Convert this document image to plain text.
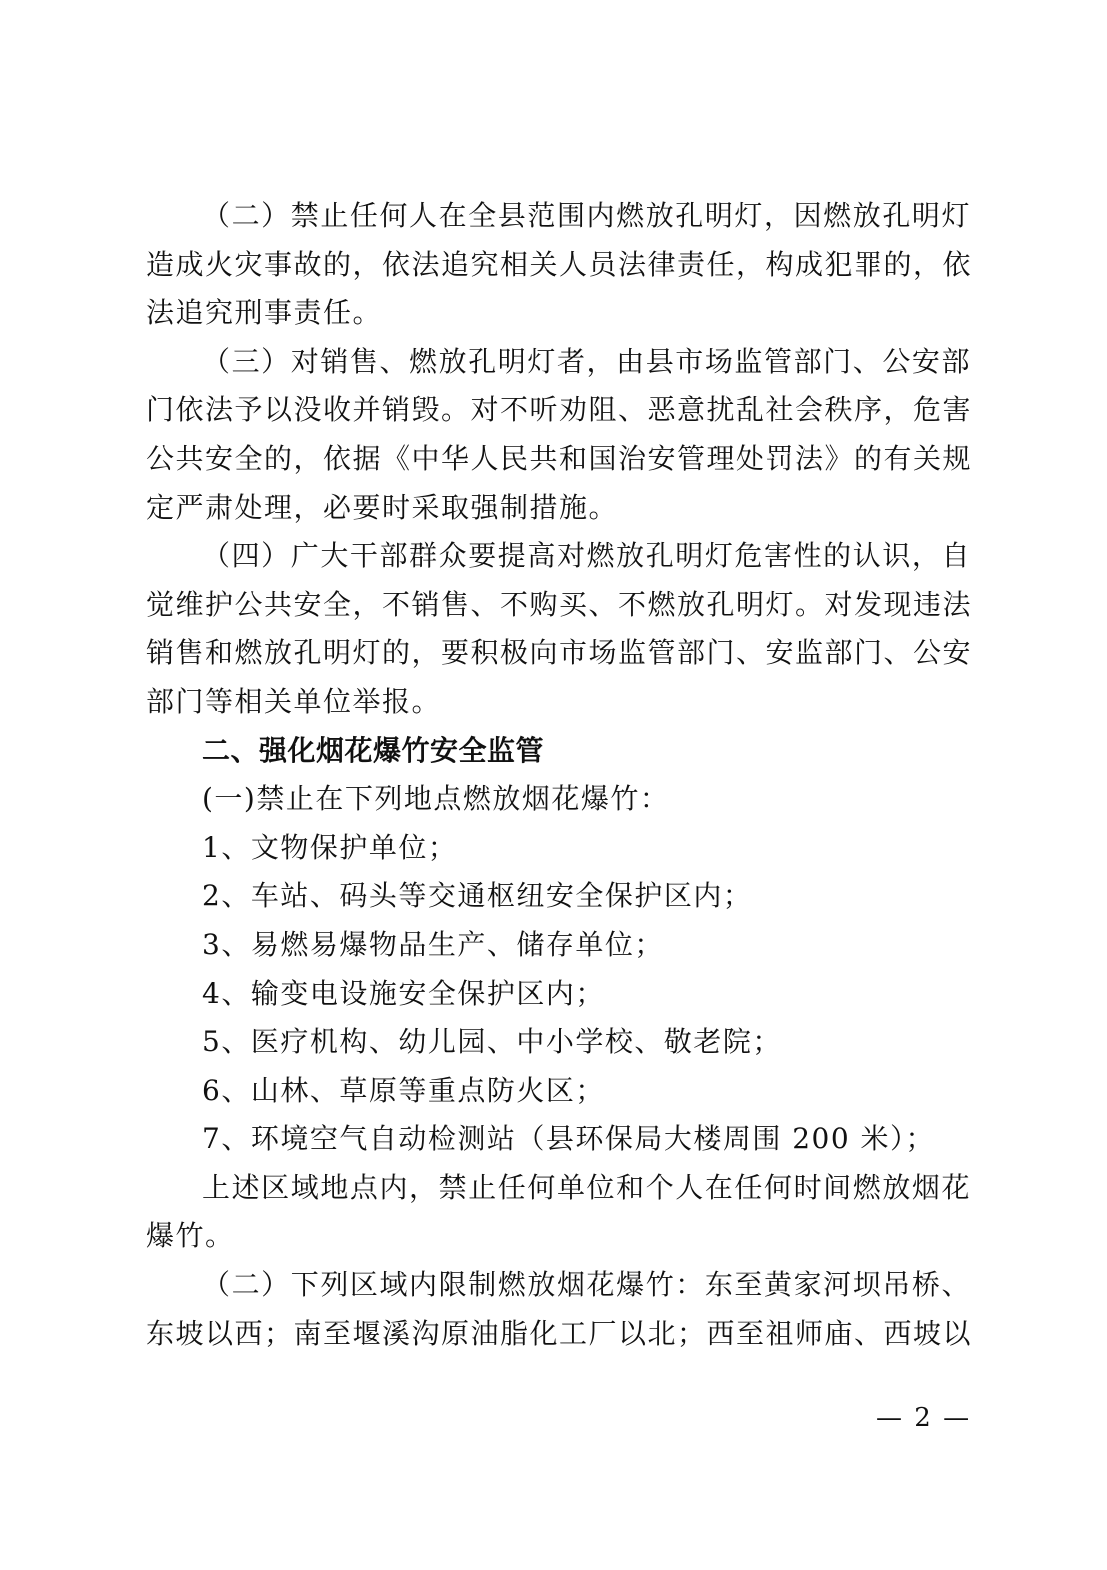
（二）禁止任何人在全县范围内燃放孔明灯，因燃放孔明灯
造成火灾事故的，依法追究相关人员法律责任，构成犯罪的，依
法追究刑事责任。
（三）对销售、燃放孔明灯者，由县市场监管部门、公安部
门依法予以没收并销毁。对不听劝阻、恶意扰乱社会秩序，危害
公共安全的，依据《中华人民共和国治安管理处罚法》的有关规
定严肃处理，必要时采取强制措施。
（四）广大干部群众要提高对燃放孔明灯危害性的认识，自
觉维护公共安全，不销售、不购买、不燃放孔明灯。对发现违法
销售和燃放孔明灯的，要积极向市场监管部门、安监部门、公安
部门等相关单位举报。
二、强化烟花爆竹安全监管
(一)禁止在下列地点燃放烟花爆竹：
1、文物保护单位；
2、车站、码头等交通枢纽安全保护区内；
3、易燃易爆物品生产、储存单位；
4、输变电设施安全保护区内；
5、医疗机构、幼儿园、中小学校、敬老院；
6、山林、草原等重点防火区；
7、环境空气自动检测站（县环保局大楼周围 200 米）；
上述区域地点内，禁止任何单位和个人在任何时间燃放烟花
爆竹。
（二）下列区域内限制燃放烟花爆竹：东至黄家河坝吊桥、
东坡以西；南至堰溪沟原油脂化工厂以北；西至祖师庙、西坡以
— 2 —
